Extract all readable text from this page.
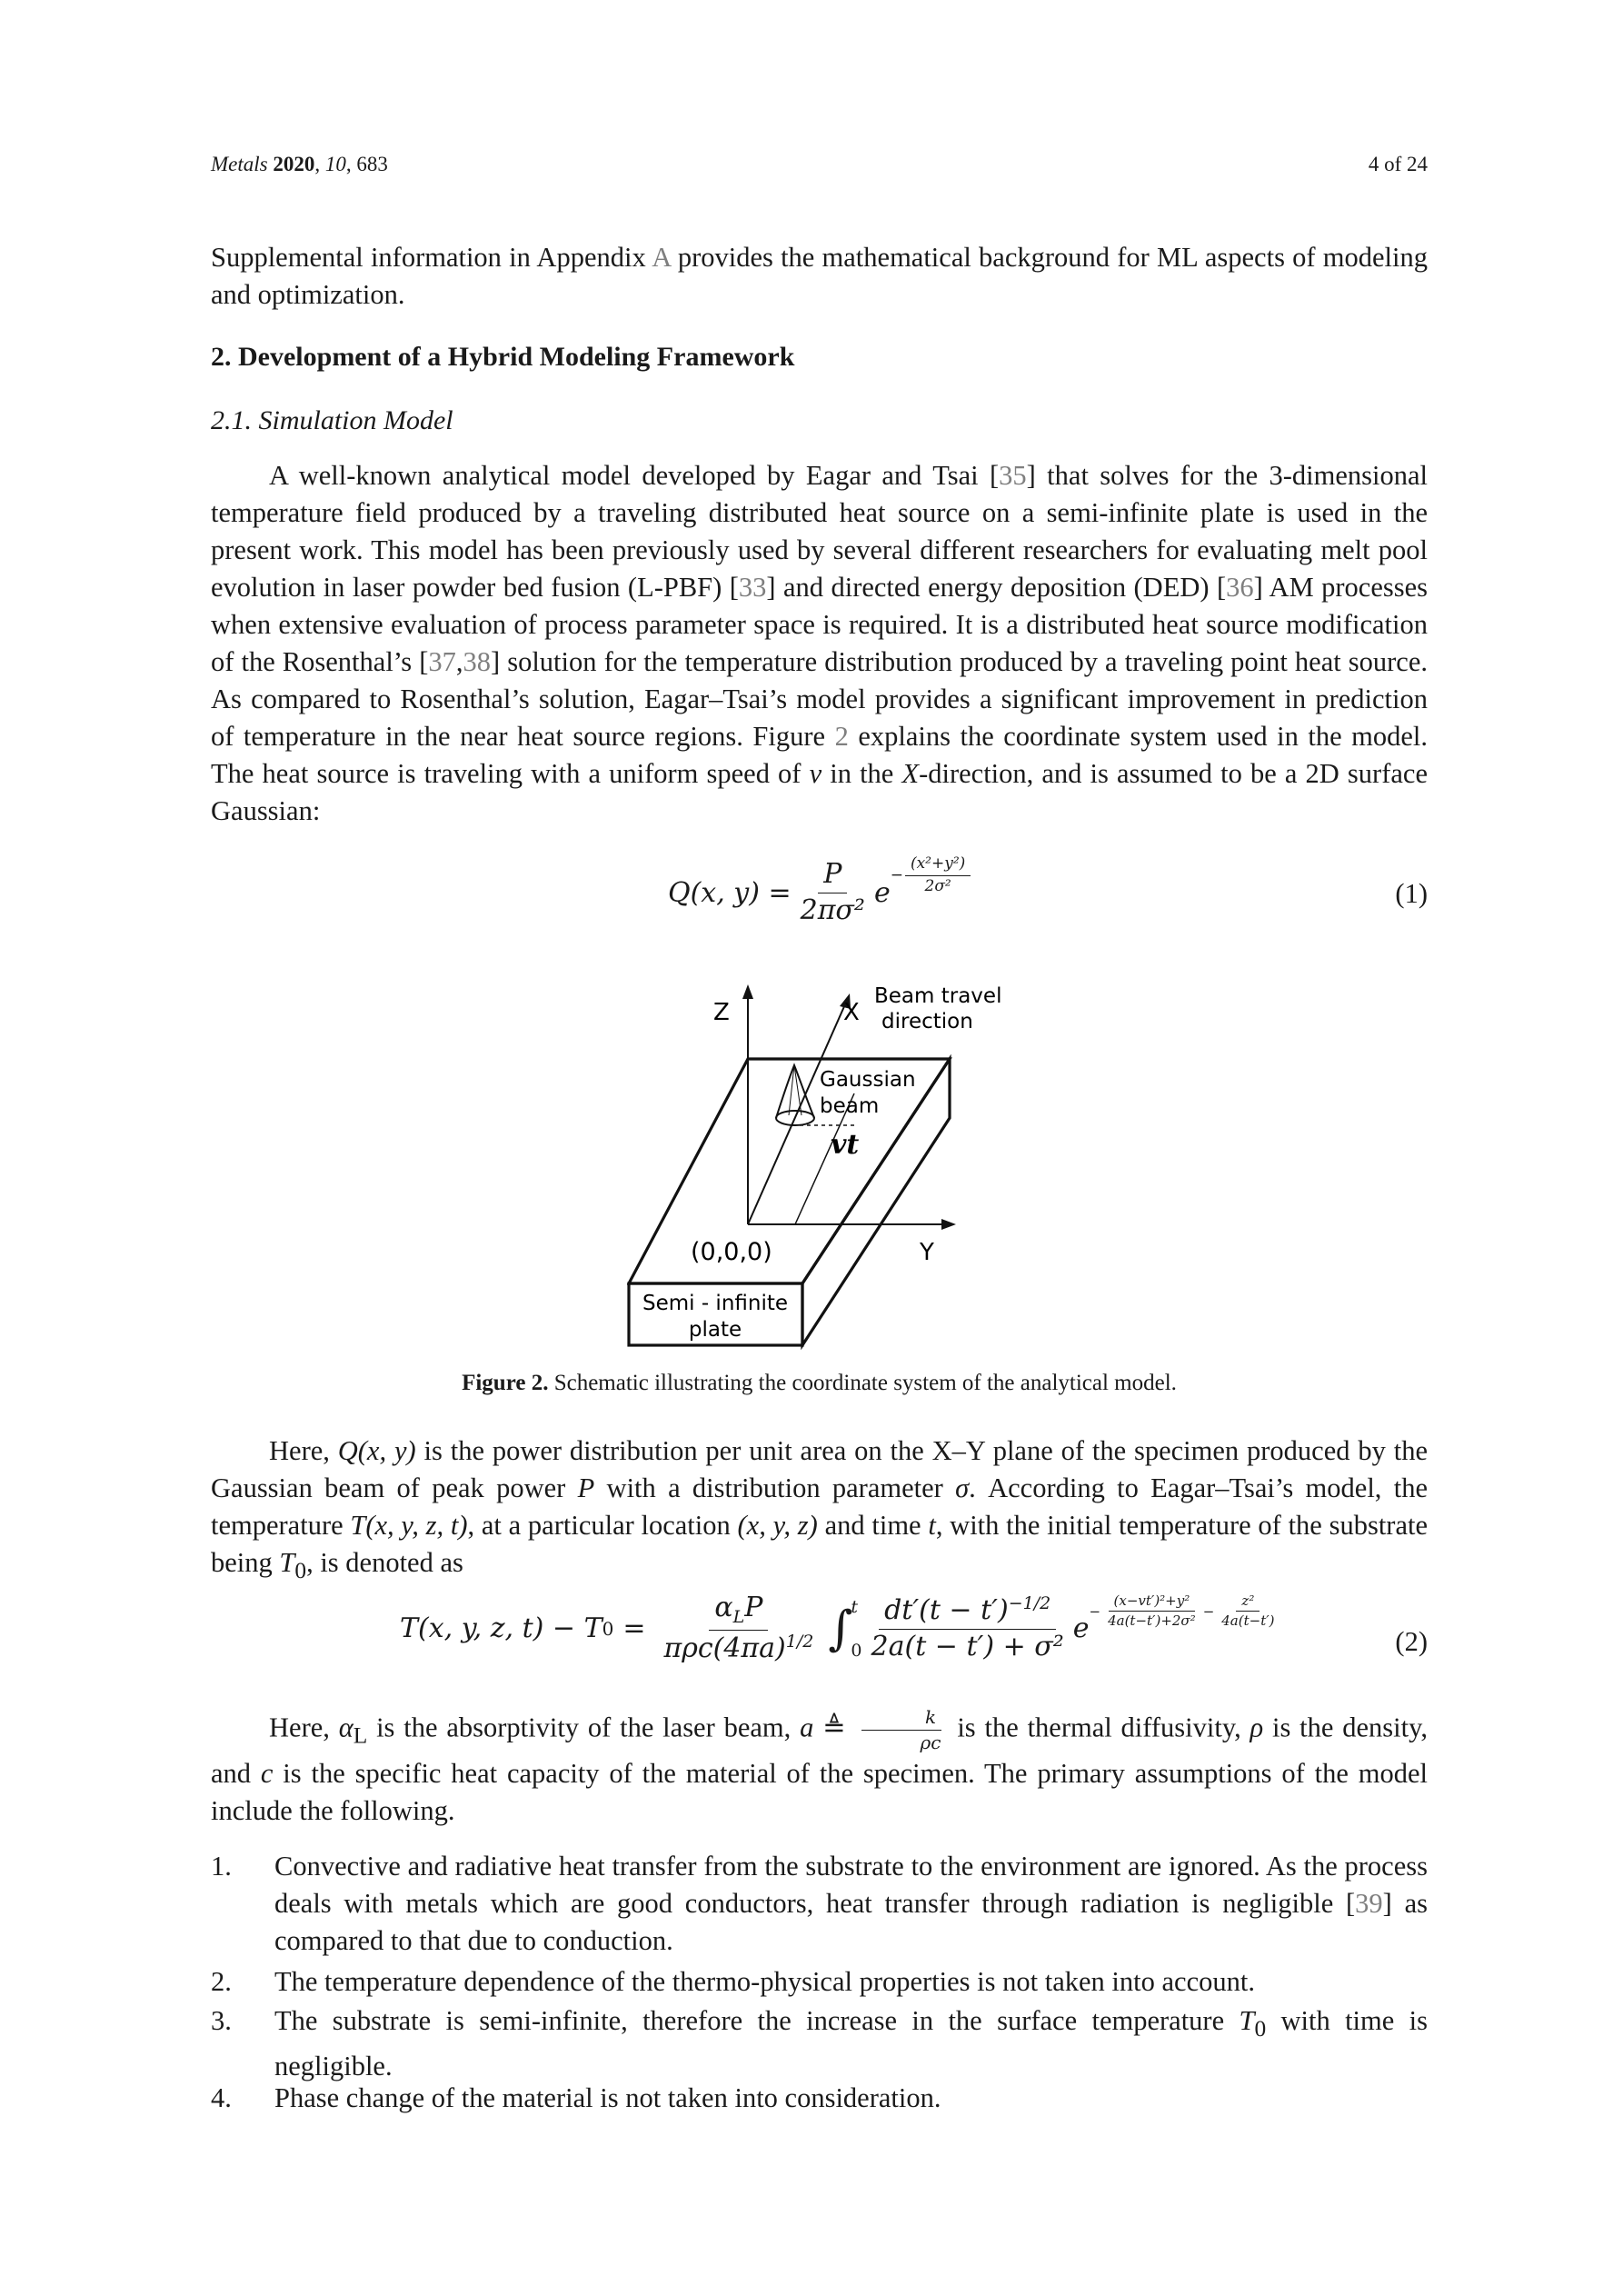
Metals 2020, 10, 683	4 of 24
Supplemental information in Appendix A provides the mathematical background for ML aspects of modeling and optimization.
2. Development of a Hybrid Modeling Framework
2.1. Simulation Model
A well-known analytical model developed by Eagar and Tsai [35] that solves for the 3-dimensional temperature field produced by a traveling distributed heat source on a semi-infinite plate is used in the present work. This model has been previously used by several different researchers for evaluating melt pool evolution in laser powder bed fusion (L-PBF) [33] and directed energy deposition (DED) [36] AM processes when extensive evaluation of process parameter space is required. It is a distributed heat source modification of the Rosenthal’s [37,38] solution for the temperature distribution produced by a traveling point heat source. As compared to Rosenthal’s solution, Eagar–Tsai’s model provides a significant improvement in prediction of temperature in the near heat source regions. Figure 2 explains the coordinate system used in the model. The heat source is traveling with a uniform speed of v in the X-direction, and is assumed to be a 2D surface Gaussian:
Q(x, $y) = \frac{P}{\text{2πσ²}}$ e
− $\frac{\text{(x²+y²)}}{\text{2σ²}}$	(1)
Z	X
Beam travel
direction
Gaussian
beam
vt
(0,0,0)	Y
Semi - infinite
plate
Figure 2. Schematic illustrating the coordinate system of the analytical model.
Here, Q(x, y) is the power distribution per unit area on the X–Y plane of the specimen produced by the Gaussian beam of peak power P with a distribution parameter σ. According to Eagar–Tsai’s model, the temperature T(x, y, z, t), at a particular location (x, y, z) and time t, with the initial temperature of the substrate being $T_0$, is denoted as
T(x, y, z, t) − T $0 = \frac{\alpha_LP}{\pi\rho c(4\pi a)^{1/2}}$ ∫
t
$0 \frac{dt'(t - t')^{-1/2}}{\text{2a(t − t′) + σ²}}$ e
− $\frac{\text{(x−vt′)²+y²}}{\text{4a(t−t′)+2σ²}} - \frac{\text{z²}}{4a(t-t')}$
(2)
Here, $\alpha_L$ is the absorptivity of the laser beam, a ≜ $\frac{k}{\rho c}$ is the thermal diffusivity, ρ is the density, and c is the specific heat capacity of the material of the specimen. The primary assumptions of the model include the following.
1. Convective and radiative heat transfer from the substrate to the environment are ignored. As the process deals with metals which are good conductors, heat transfer through radiation is negligible [39] as compared to that due to conduction.
2. The temperature dependence of the thermo-physical properties is not taken into account.
3. The substrate is semi-infinite, therefore the increase in the surface temperature $T_0$ with time is negligible.
4. Phase change of the material is not taken into consideration.
